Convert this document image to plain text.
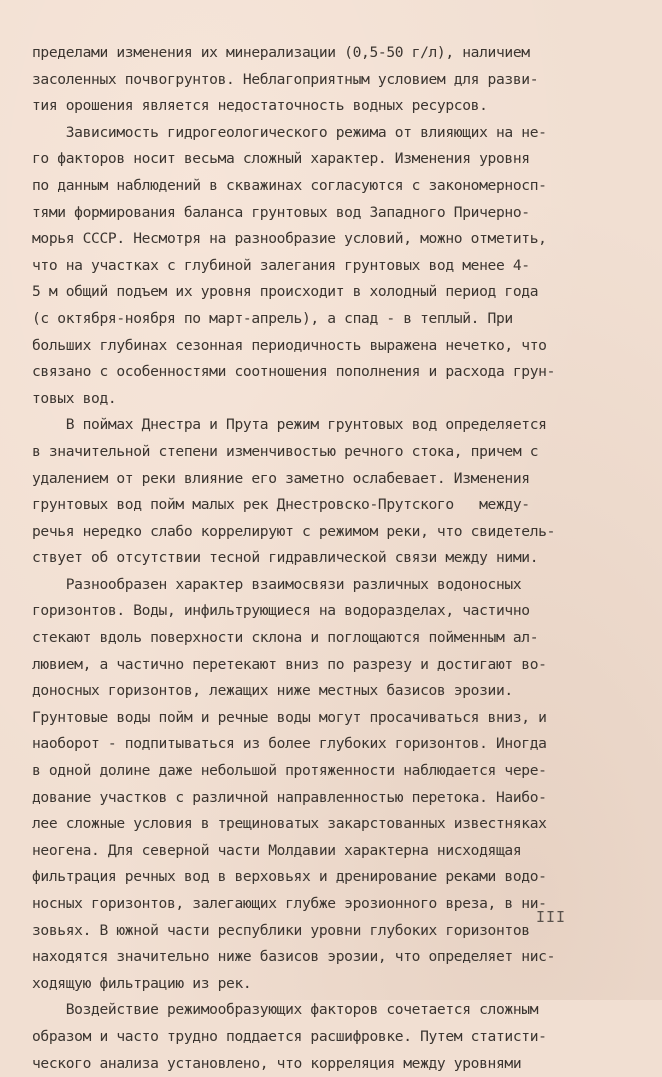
пределами изменения их минерализации (0,5-50 г/л), наличием
засоленных почвогрунтов. Неблагоприятным условием для разви-
тия орошения является недостаточность водных ресурсов.
Зависимость гидрогеологического режима от влияющих на не-
го факторов носит весьма сложный характер. Изменения уровня
по данным наблюдений в скважинах согласуются с закономерносп-
тями формирования баланса грунтовых вод Западного Причерно-
морья СССР. Несмотря на разнообразие условий, можно отметить,
что на участках с глубиной залегания грунтовых вод менее 4-
5 м общий подъем их уровня происходит в холодный период года
(с октября-ноября по март-апрель), а спад - в теплый. При
больших глубинах сезонная периодичность выражена нечетко, что
связано с особенностями соотношения пополнения и расхода грун-
товых вод.
В поймах Днестра и Прута режим грунтовых вод определяется
в значительной степени изменчивостью речного стока, причем с
удалением от реки влияние его заметно ослабевает. Изменения
грунтовых вод пойм малых рек Днестровско-Прутского   между-
речья нередко слабо коррелируют с режимом реки, что свидетель-
ствует об отсутствии тесной гидравлической связи между ними.
Разнообразен характер взаимосвязи различных водоносных
горизонтов. Воды, инфильтрующиеся на водоразделах, частично
стекают вдоль поверхности склона и поглощаются пойменным ал-
лювием, а частично перетекают вниз по разрезу и достигают во-
доносных горизонтов, лежащих ниже местных базисов эрозии.
Грунтовые воды пойм и речные воды могут просачиваться вниз, и
наоборот - подпитываться из более глубоких горизонтов. Иногда
в одной долине даже небольшой протяженности наблюдается чере-
дование участков с различной направленностью перетока. Наибо-
лее сложные условия в трещиноватых закарстованных известняках
неогена. Для северной части Молдавии характерна нисходящая
фильтрация речных вод в верховьях и дренирование реками водо-
носных горизонтов, залегающих глубже эрозионного вреза, в ни-
зовьях. В южной части республики уровни глубоких горизонтов
находятся значительно ниже базисов эрозии, что определяет нис-
ходящую фильтрацию из рек.
Воздействие режимообразующих факторов сочетается сложным
образом и часто трудно поддается расшифровке. Путем статисти-
ческого анализа установлено, что корреляция между уровнями
III
